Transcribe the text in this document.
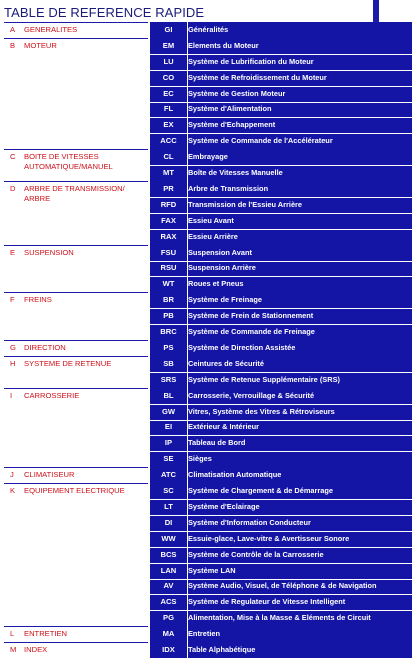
TABLE DE REFERENCE RAPIDE
A GENERALITES	GI	Généralités
B MOTEUR	EM	Elements du Moteur
LU	Système de Lubrification du Moteur
CO	Système de Refroidissement du Moteur
EC	Système de Gestion Moteur
FL	Système d'Alimentation
EX	Système d'Echappement
ACC	Système de Commande de l'Accélérateur
C BOITE DE VITESSES
AUTOMATIQUE/MANUEL
CL	Embrayage
MT	Boîte de Vitesses Manuelle
D ARBRE DE TRANSMISSION/
ARBRE
PR	Arbre de Transmission
RFD	Transmission de l'Essieu Arrière
FAX	Essieu Avant
RAX	Essieu Arrière
E SUSPENSION	FSU	Suspension Avant
RSU	Suspension Arrière
WT	Roues et Pneus
F FREINS	BR	Système de Freinage
PB	Système de Frein de Stationnement
BRC	Système de Commande de Freinage
G DIRECTION	PS	Système de Direction Assistée
H SYSTEME DE RETENUE	SB	Ceintures de Sécurité
SRS	Système de Retenue Supplémentaire (SRS)
I CARROSSERIE	BL	Carrosserie, Verrouillage & Sécurité
GW	Vitres, Système des Vitres & Rétroviseurs
EI	Extérieur & Intérieur
IP	Tableau de Bord
SE	Sièges
J CLIMATISEUR	ATC	Climatisation Automatique
K EQUIPEMENT ELECTRIQUE	SC	Système de Chargement & de Démarrage
LT	Système d'Eclairage
DI	Système d'Information Conducteur
WW	Essuie-glace, Lave-vitre & Avertisseur Sonore
BCS	Système de Contrôle de la Carrosserie
LAN	Système LAN
AV	Système Audio, Visuel, de Téléphone & de Navigation
ACS	Système de Regulateur de Vitesse Intelligent
PG	Alimentation, Mise à la Masse & Eléments de Circuit
L ENTRETIEN	MA	Entretien
M INDEX	IDX	Table Alphabétique
